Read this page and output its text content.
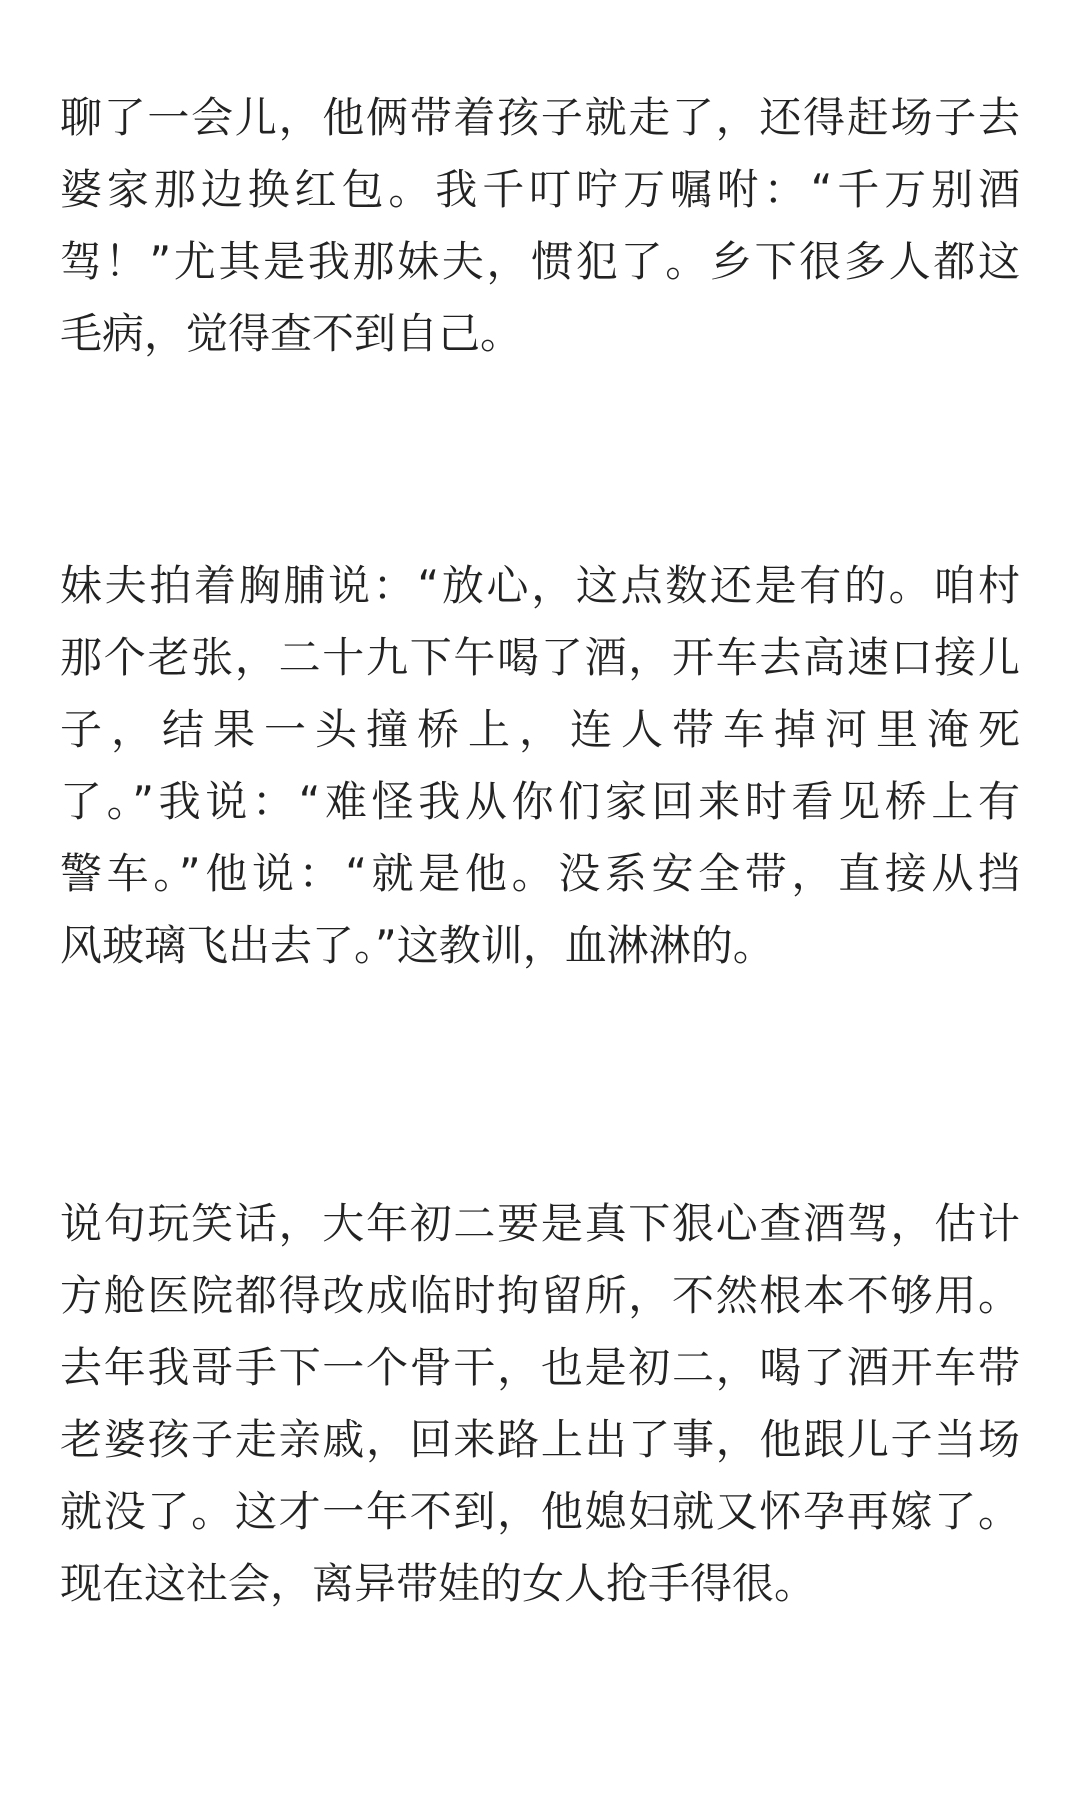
聊了一会儿，他俩带着孩子就走了，还得赶场子去
婆家那边换红包。我千叮咛万嘱咐：“千万别酒
驾！”尤其是我那妹夫，惯犯了。乡下很多人都这
毛病，觉得查不到自己。
妹夫拍着胸脯说：“放心，这点数还是有的。咱村
那个老张，二十九下午喝了酒，开车去高速口接儿
子，结果一头撞桥上，连人带车掉河里淹死
了。”我说：“难怪我从你们家回来时看见桥上有
警车。”他说：“就是他。没系安全带，直接从挡
风玻璃飞出去了。”这教训，血淋淋的。
说句玩笑话，大年初二要是真下狠心查酒驾，估计
方舱医院都得改成临时拘留所，不然根本不够用。
去年我哥手下一个骨干，也是初二，喝了酒开车带
老婆孩子走亲戚，回来路上出了事，他跟儿子当场
就没了。这才一年不到，他媳妇就又怀孕再嫁了。
现在这社会，离异带娃的女人抢手得很。
